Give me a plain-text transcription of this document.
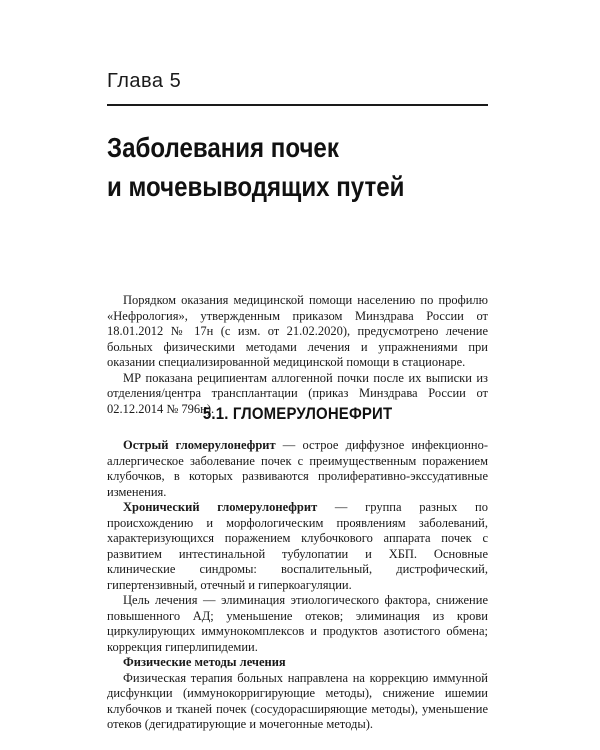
Глава 5
Заболевания почек
и мочевыводящих путей

Порядком оказания медицинской помощи населению по профилю «Нефрология», утвержденным приказом Минздрава России от 18.01.2012 № 17н (с изм. от 21.02.2020), предусмотрено лечение больных физическими методами лечения и упражнениями при оказании специализированной медицинской помощи в стационаре.

МР показана реципиентам аллогенной почки после их выписки из отделения/центра трансплантации (приказ Минздрава России от 02.12.2014 № 796н).

5.1. ГЛОМЕРУЛОНЕФРИТ

Острый гломерулонефрит — острое диффузное инфекционно-аллергическое заболевание почек с преимущественным поражением клубочков, в которых развиваются пролиферативно-экссудативные изменения.

Хронический гломерулонефрит — группа разных по происхождению и морфологическим проявлениям заболеваний, характеризующихся поражением клубочкового аппарата почек с развитием интестинальной тубулопатии и ХБП. Основные клинические синдромы: воспалительный, дистрофический, гипертензивный, отечный и гиперкоагуляции.

Цель лечения — элиминация этиологического фактора, снижение повышенного АД; уменьшение отеков; элиминация из крови циркулирующих иммунокомплексов и продуктов азотистого обмена; коррекция гиперлипидемии.

Физические методы лечения

Физическая терапия больных направлена на коррекцию иммунной дисфункции (иммунокорригирующие методы), снижение ишемии клубочков и тканей почек (сосудорасширяющие методы), уменьшение отеков (дегидратирующие и мочегонные методы).
